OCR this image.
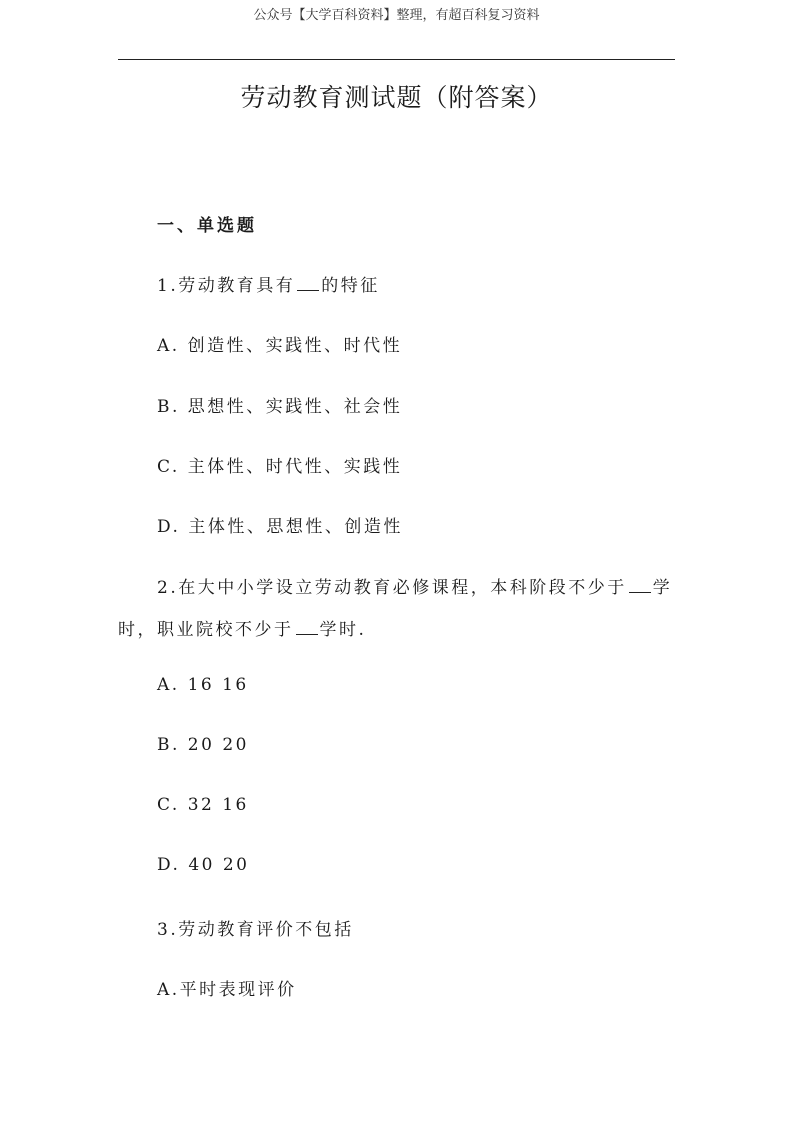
公众号【大学百科资料】整理，有超百科复习资料
劳动教育测试题（附答案）
一、单选题
1.劳动教育具有 的特征
A. 创造性、实践性、时代性
B. 思想性、实践性、社会性
C. 主体性、时代性、实践性
D. 主体性、思想性、创造性
2.在大中小学设立劳动教育必修课程，本科阶段不少于 学
时，职业院校不少于 学时.
A. 16 16
B. 20 20
C. 32 16
D. 40 20
3.劳动教育评价不包括
A.平时表现评价
